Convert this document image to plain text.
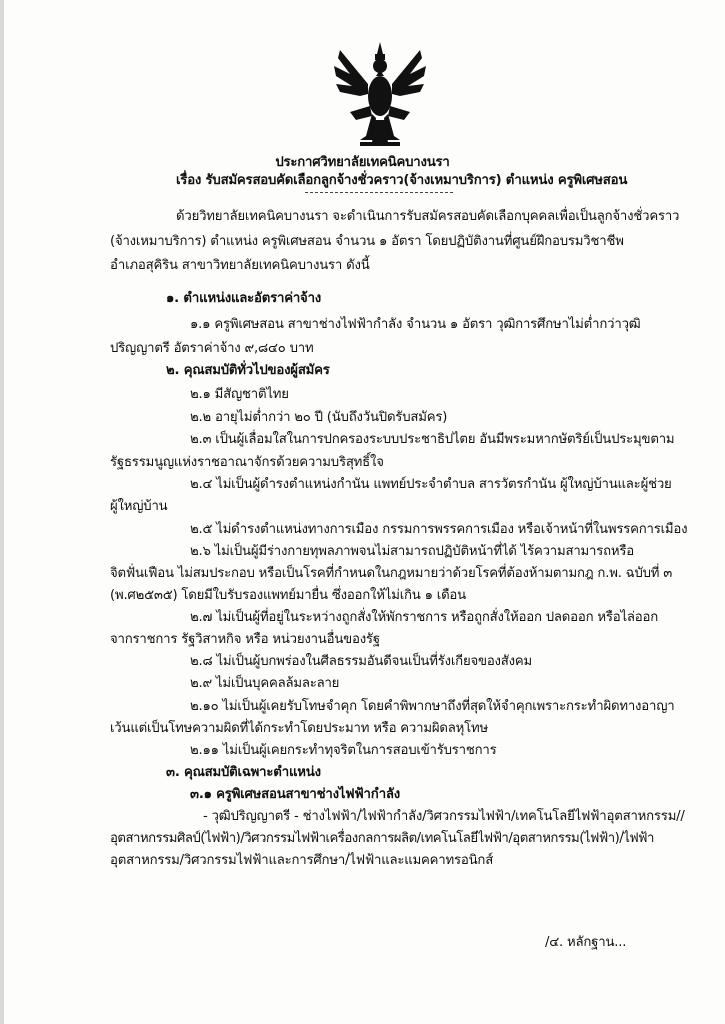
ประกาศวิทยาลัยเทคนิคบางนรา
เรื่อง รับสมัครสอบคัดเลือกลูกจ้างชั่วคราว(จ้างเหมาบริการ) ตำแหน่ง ครูพิเศษสอน
ด้วยวิทยาลัยเทคนิคบางนรา จะดำเนินการรับสมัครสอบคัดเลือกบุคคลเพื่อเป็นลูกจ้างชั่วคราว
(จ้างเหมาบริการ) ตำแหน่ง ครูพิเศษสอน จำนวน ๑ อัตรา โดยปฏิบัติงานที่ศูนย์ฝึกอบรมวิชาชีพ
อำเภอสุคิริน สาขาวิทยาลัยเทคนิคบางนรา ดังนี้
๑. ตำแหน่งและอัตราค่าจ้าง
๑.๑ ครูพิเศษสอน สาขาช่างไฟฟ้ากำลัง จำนวน ๑ อัตรา วุฒิการศึกษาไม่ต่ำกว่าวุฒิ
ปริญญาตรี อัตราค่าจ้าง ๙,๘๔๐ บาท
๒. คุณสมบัติทั่วไปของผู้สมัคร
๒.๑ มีสัญชาติไทย
๒.๒ อายุไม่ต่ำกว่า ๒๐ ปี (นับถึงวันปิดรับสมัคร)
๒.๓ เป็นผู้เลื่อมใสในการปกครองระบบประชาธิปไตย อันมีพระมหากษัตริย์เป็นประมุขตาม
รัฐธรรมนูญแห่งราชอาณาจักรด้วยความบริสุทธิ์ใจ
๒.๔ ไม่เป็นผู้ดำรงตำแหน่งกำนัน แพทย์ประจำตำบล สารวัตรกำนัน ผู้ใหญ่บ้านและผู้ช่วย
ผู้ใหญ่บ้าน
๒.๕ ไม่ดำรงตำแหน่งทางการเมือง กรรมการพรรคการเมือง หรือเจ้าหน้าที่ในพรรคการเมือง
๒.๖ ไม่เป็นผู้มีร่างกายทุพลภาพจนไม่สามารถปฏิบัติหน้าที่ได้ ไร้ความสามารถหรือ
จิตฟั่นเฟือน ไม่สมประกอบ หรือเป็นโรคที่กำหนดในกฎหมายว่าด้วยโรคที่ต้องห้ามตามกฎ ก.พ. ฉบับที่ ๓
(พ.ศ๒๕๓๕) โดยมีใบรับรองแพทย์มายื่น ซึ่งออกให้ไม่เกิน ๑ เดือน
๒.๗ ไม่เป็นผู้ที่อยู่ในระหว่างถูกสั่งให้พักราชการ หรือถูกสั่งให้ออก ปลดออก หรือไล่ออก
จากราชการ รัฐวิสาหกิจ หรือ หน่วยงานอื่นของรัฐ
๒.๘ ไม่เป็นผู้บกพร่องในศีลธรรมอันดีจนเป็นที่รังเกียจของสังคม
๒.๙ ไม่เป็นบุคคลล้มละลาย
๒.๑๐ ไม่เป็นผู้เคยรับโทษจำคุก โดยคำพิพากษาถึงที่สุดให้จำคุกเพราะกระทำผิดทางอาญา
เว้นแต่เป็นโทษความผิดที่ได้กระทำโดยประมาท หรือ ความผิดลหุโทษ
๒.๑๑ ไม่เป็นผู้เคยกระทำทุจริตในการสอบเข้ารับราชการ
๓. คุณสมบัติเฉพาะตำแหน่ง
๓.๑ ครูพิเศษสอนสาขาช่างไฟฟ้ากำลัง
- วุฒิปริญญาตรี - ช่างไฟฟ้า/ไฟฟ้ากำลัง/วิศวกรรมไฟฟ้า/เทคโนโลยีไฟฟ้าอุตสาหกรรม//
อุตสาหกรรมศิลป์(ไฟฟ้า)/วิศวกรรมไฟฟ้าเครื่องกลการผลิต/เทคโนโลยีไฟฟ้า/อุตสาหกรรม(ไฟฟ้า)/ไฟฟ้า
อุตสาหกรรม/วิศวกรรมไฟฟ้าและการศึกษา/ไฟฟ้าและแมคคาทรอนิกส์
/๔. หลักฐาน...
